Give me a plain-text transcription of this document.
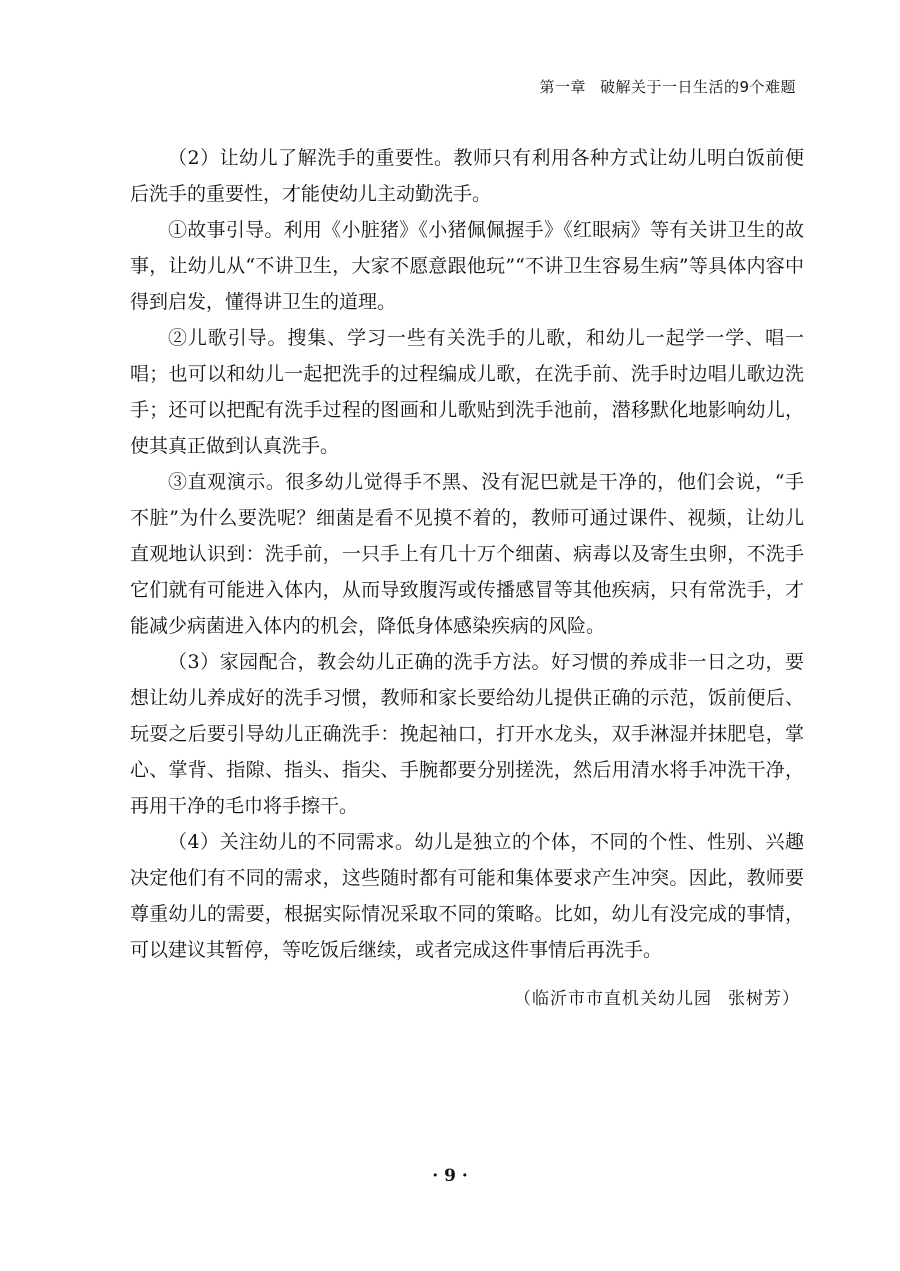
第一章 破解关于一日生活的9个难题

（2）让幼儿了解洗手的重要性。教师只有利用各种方式让幼儿明白饭前便后洗手的重要性，才能使幼儿主动勤洗手。

①故事引导。利用《小脏猪》《小猪佩佩握手》《红眼病》等有关讲卫生的故事，让幼儿从“不讲卫生，大家不愿意跟他玩”“不讲卫生容易生病”等具体内容中得到启发，懂得讲卫生的道理。

②儿歌引导。搜集、学习一些有关洗手的儿歌，和幼儿一起学一学、唱一唱；也可以和幼儿一起把洗手的过程编成儿歌，在洗手前、洗手时边唱儿歌边洗手；还可以把配有洗手过程的图画和儿歌贴到洗手池前，潜移默化地影响幼儿，使其真正做到认真洗手。

③直观演示。很多幼儿觉得手不黑、没有泥巴就是干净的，他们会说，“手不脏”为什么要洗呢？细菌是看不见摸不着的，教师可通过课件、视频，让幼儿直观地认识到：洗手前，一只手上有几十万个细菌、病毒以及寄生虫卵，不洗手它们就有可能进入体内，从而导致腹泻或传播感冒等其他疾病，只有常洗手，才能减少病菌进入体内的机会，降低身体感染疾病的风险。

（3）家园配合，教会幼儿正确的洗手方法。好习惯的养成非一日之功，要想让幼儿养成好的洗手习惯，教师和家长要给幼儿提供正确的示范，饭前便后、玩耍之后要引导幼儿正确洗手：挽起袖口，打开水龙头，双手淋湿并抹肥皂，掌心、掌背、指隙、指头、指尖、手腕都要分别搓洗，然后用清水将手冲洗干净，再用干净的毛巾将手擦干。

（4）关注幼儿的不同需求。幼儿是独立的个体，不同的个性、性别、兴趣决定他们有不同的需求，这些随时都有可能和集体要求产生冲突。因此，教师要尊重幼儿的需要，根据实际情况采取不同的策略。比如，幼儿有没完成的事情，可以建议其暂停，等吃饭后继续，或者完成这件事情后再洗手。

（临沂市市直机关幼儿园 张树芳）
· 9 ·
